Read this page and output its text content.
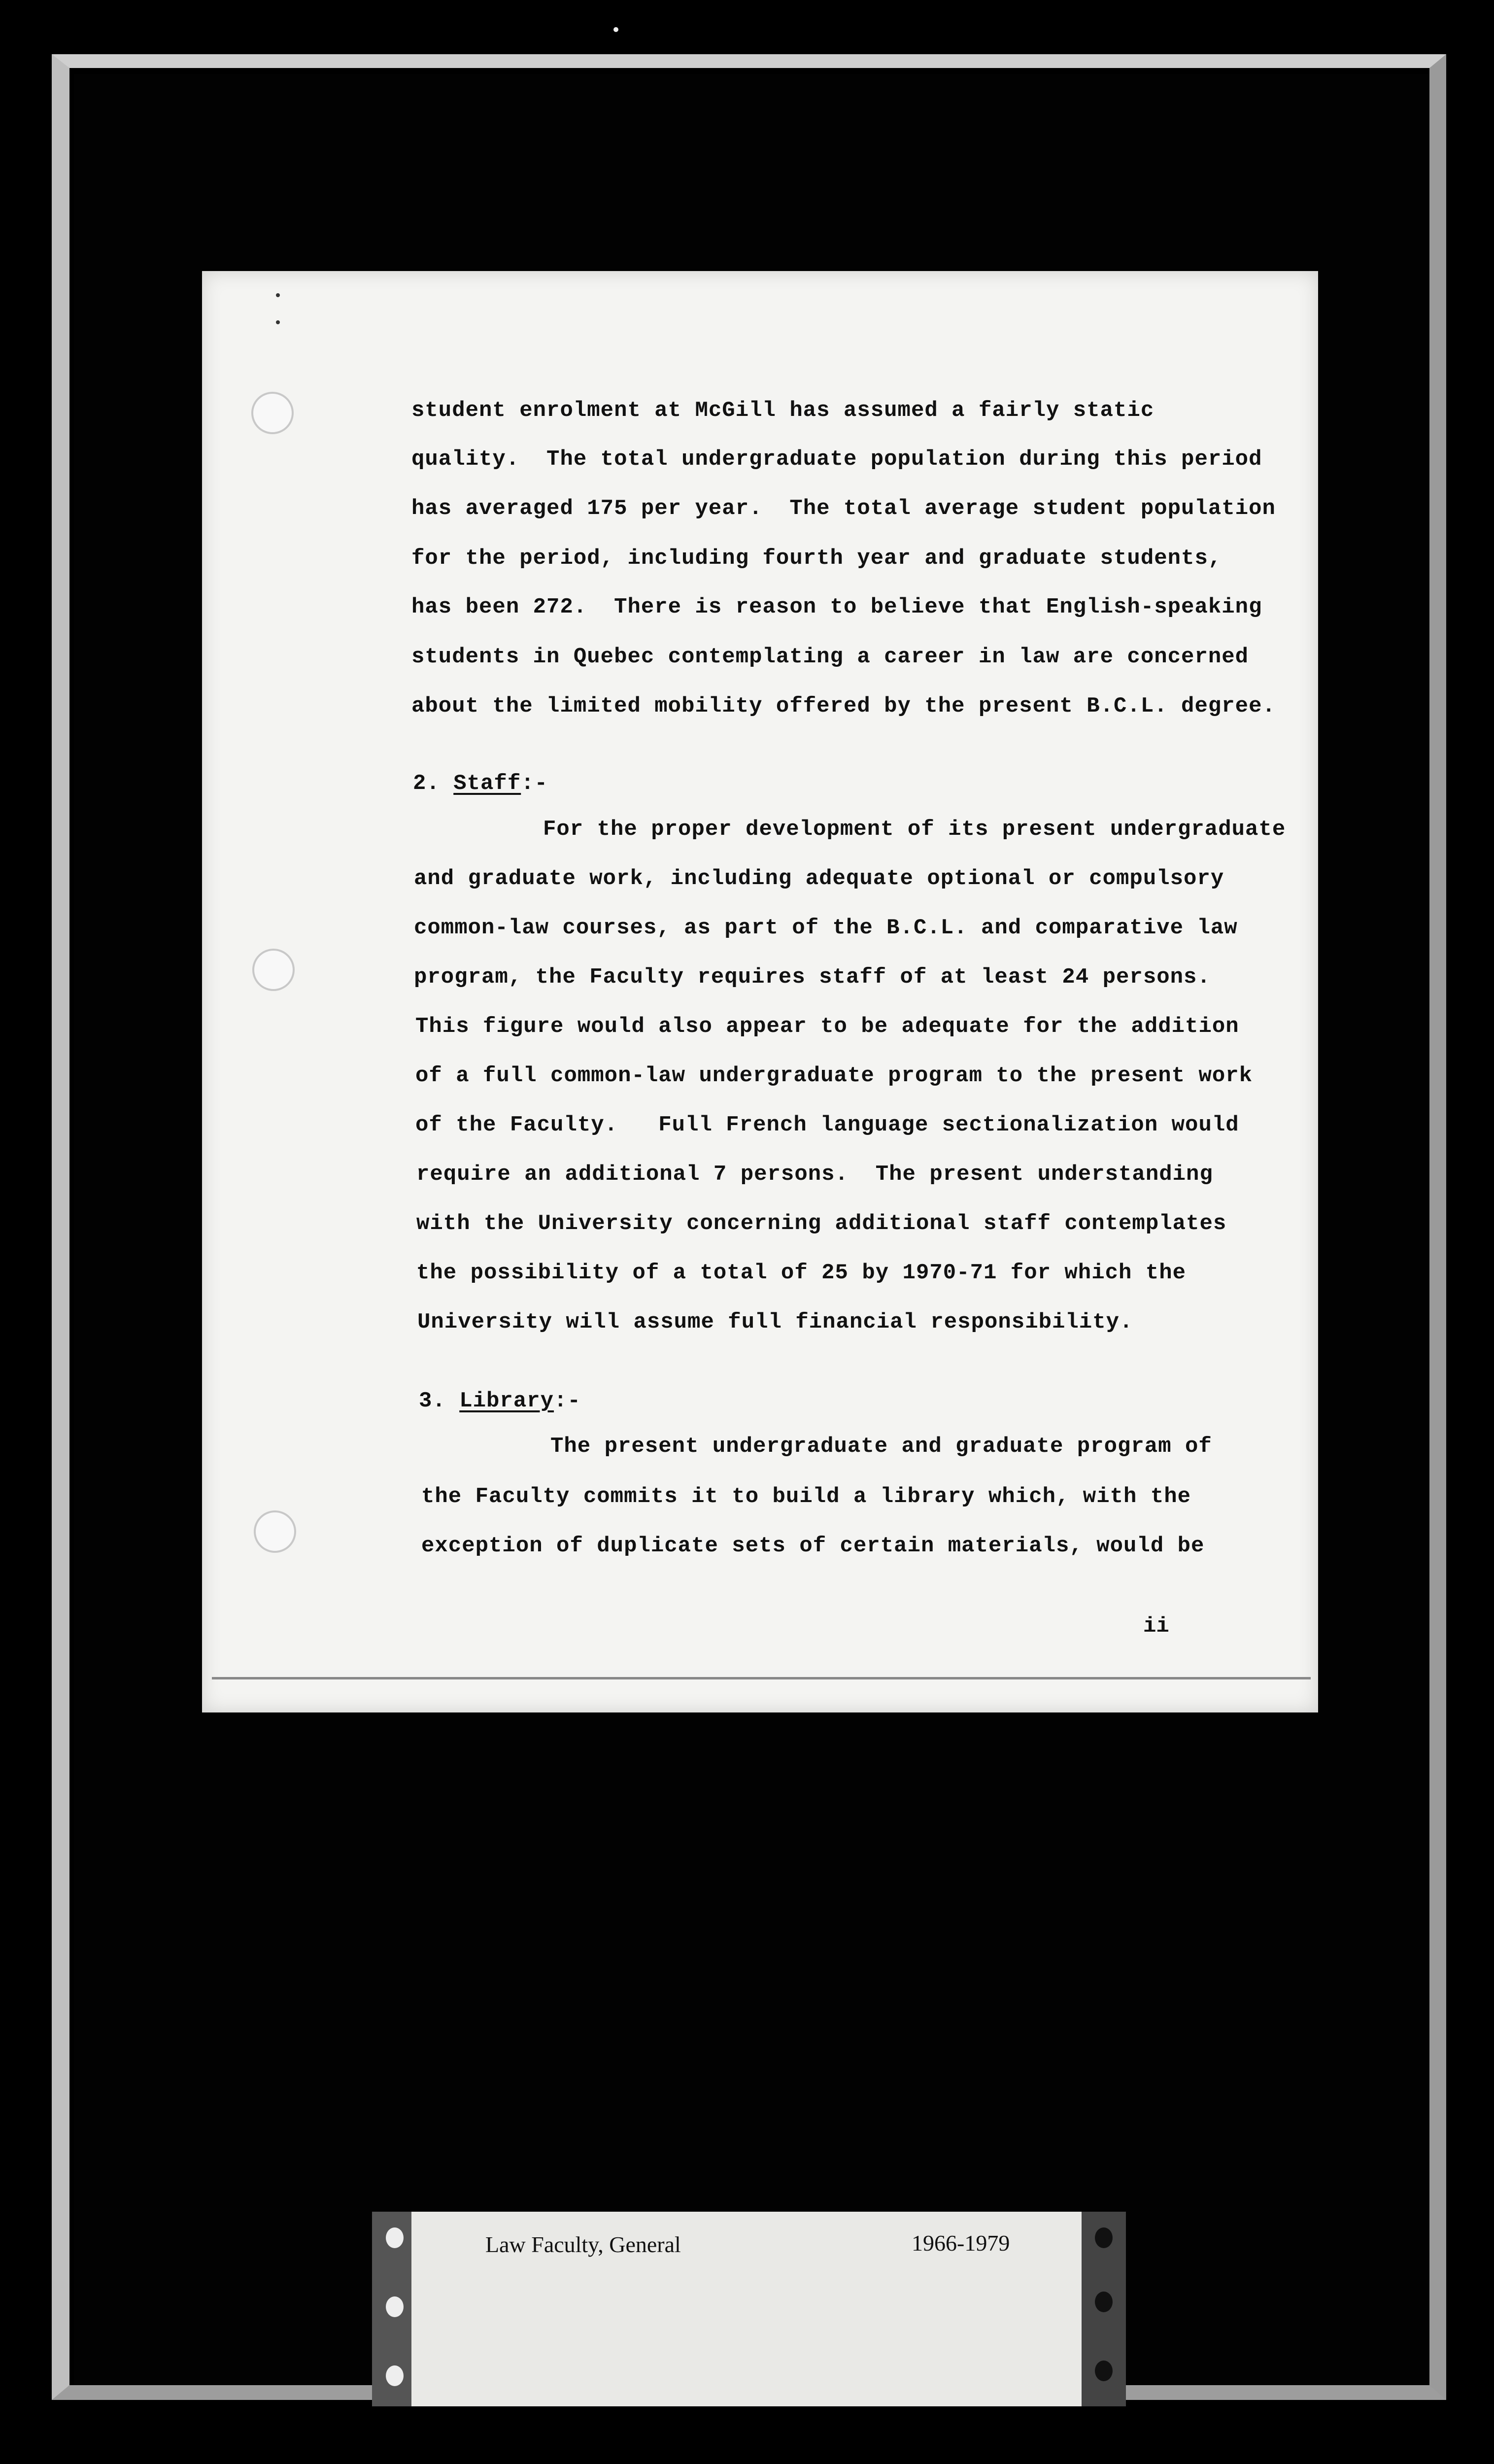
student enrolment at McGill has assumed a fairly static

quality.  The total undergraduate population during this period

has averaged 175 per year.  The total average student population

for the period, including fourth year and graduate students,

has been 272.  There is reason to believe that English-speaking

students in Quebec contemplating a career in law are concerned

about the limited mobility offered by the present B.C.L. degree.

2. Staff:-

For the proper development of its present undergraduate

and graduate work, including adequate optional or compulsory

common-law courses, as part of the B.C.L. and comparative law

program, the Faculty requires staff of at least 24 persons.

This figure would also appear to be adequate for the addition

of a full common-law undergraduate program to the present work

of the Faculty.   Full French language sectionalization would

require an additional 7 persons.  The present understanding

with the University concerning additional staff contemplates

the possibility of a total of 25 by 1970-71 for which the

University will assume full financial responsibility.

3. Library:-

The present undergraduate and graduate program of

the Faculty commits it to build a library which, with the

exception of duplicate sets of certain materials, would be

ii
Law Faculty, General	1966-1979
